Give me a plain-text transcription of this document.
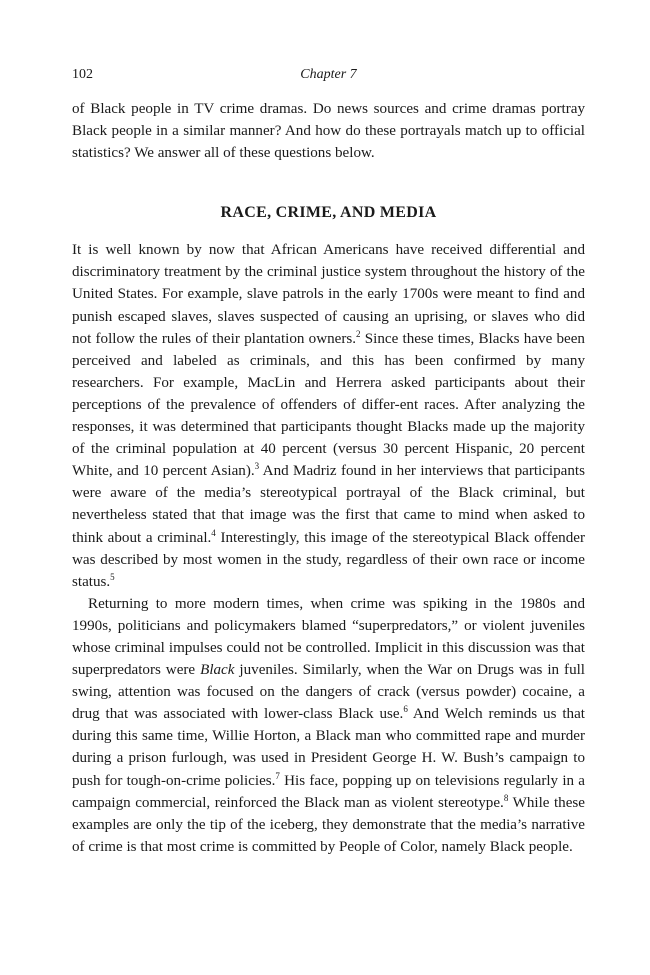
102	Chapter 7

of Black people in TV crime dramas. Do news sources and crime dramas portray Black people in a similar manner? And how do these portrayals match up to official statistics? We answer all of these questions below.

RACE, CRIME, AND MEDIA

It is well known by now that African Americans have received differential and discriminatory treatment by the criminal justice system throughout the history of the United States. For example, slave patrols in the early 1700s were meant to find and punish escaped slaves, slaves suspected of causing an uprising, or slaves who did not follow the rules of their plantation owners.$^2$ Since these times, Blacks have been perceived and labeled as criminals, and this has been confirmed by many researchers. For example, MacLin and Herrera asked participants about their perceptions of the prevalence of offenders of differ-ent races. After analyzing the responses, it was determined that participants thought Blacks made up the majority of the criminal population at 40 percent (versus 30 percent Hispanic, 20 percent White, and 10 percent Asian).$^3$ And Madriz found in her interviews that participants were aware of the media’s stereotypical portrayal of the Black criminal, but nevertheless stated that that image was the first that came to mind when asked to think about a criminal.$^4$ Interestingly, this image of the stereotypical Black offender was described by most women in the study, regardless of their own race or income status.$^5$

Returning to more modern times, when crime was spiking in the 1980s and 1990s, politicians and policymakers blamed “superpredators,” or violent juveniles whose criminal impulses could not be controlled. Implicit in this discussion was that superpredators were Black juveniles. Similarly, when the War on Drugs was in full swing, attention was focused on the dangers of crack (versus powder) cocaine, a drug that was associated with lower-class Black use.$^6$ And Welch reminds us that during this same time, Willie Horton, a Black man who committed rape and murder during a prison furlough, was used in President George H. W. Bush’s campaign to push for tough-on-crime policies.$^7$ His face, popping up on televisions regularly in a campaign commercial, reinforced the Black man as violent stereotype.$^8$ While these examples are only the tip of the iceberg, they demonstrate that the media’s narrative of crime is that most crime is committed by People of Color, namely Black people.
